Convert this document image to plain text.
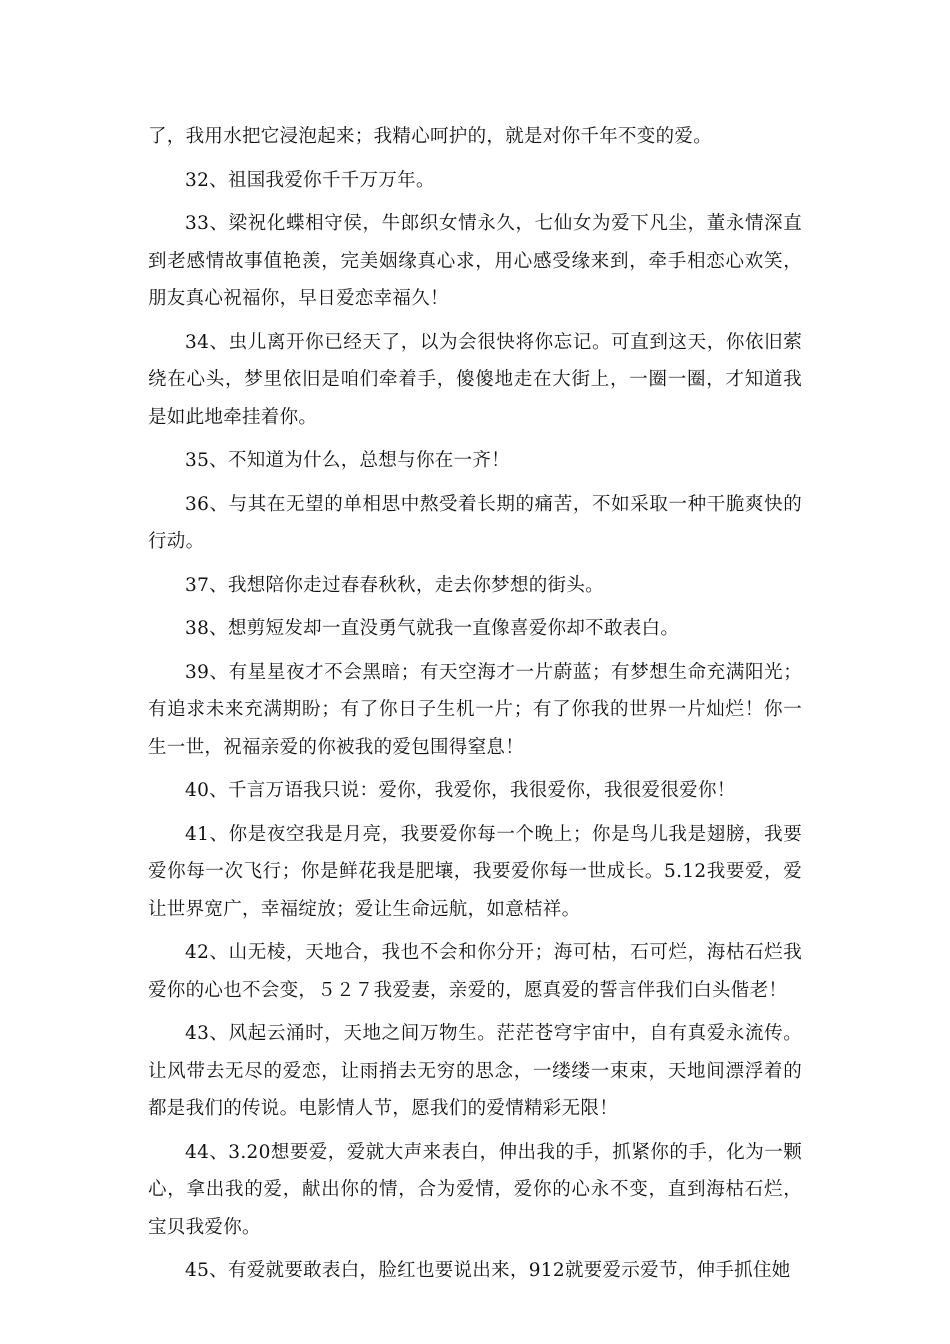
了，我用水把它浸泡起来；我精心呵护的，就是对你千年不变的爱。

32、祖国我爱你千千万万年。

33、梁祝化蝶相守侯，牛郎织女情永久，七仙女为爱下凡尘，董永情深直到老感情故事值艳羡，完美姻缘真心求，用心感受缘来到，牵手相恋心欢笑，朋友真心祝福你，早日爱恋幸福久！

34、虫儿离开你已经天了，以为会很快将你忘记。可直到这天，你依旧萦绕在心头，梦里依旧是咱们牵着手，傻傻地走在大街上，一圈一圈，才知道我是如此地牵挂着你。

35、不知道为什么，总想与你在一齐！

36、与其在无望的单相思中熬受着长期的痛苦，不如采取一种干脆爽快的行动。

37、我想陪你走过春春秋秋，走去你梦想的街头。

38、想剪短发却一直没勇气就我一直像喜爱你却不敢表白。

39、有星星夜才不会黑暗；有天空海才一片蔚蓝；有梦想生命充满阳光；有追求未来充满期盼；有了你日子生机一片；有了你我的世界一片灿烂！你一生一世，祝福亲爱的你被我的爱包围得窒息！

40、千言万语我只说：爱你，我爱你，我很爱你，我很爱很爱你！

41、你是夜空我是月亮，我要爱你每一个晚上；你是鸟儿我是翅膀，我要爱你每一次飞行；你是鲜花我是肥壤，我要爱你每一世成长。5.12我要爱，爱让世界宽广，幸福绽放；爱让生命远航，如意桔祥。

42、山无棱，天地合，我也不会和你分开；海可枯，石可烂，海枯石烂我爱你的心也不会变，５２７我爱妻，亲爱的，愿真爱的誓言伴我们白头偕老！

43、风起云涌时，天地之间万物生。茫茫苍穹宇宙中，自有真爱永流传。让风带去无尽的爱恋，让雨捎去无穷的思念，一缕缕一束束，天地间漂浮着的都是我们的传说。电影情人节，愿我们的爱情精彩无限！

44、3.20想要爱，爱就大声来表白，伸出我的手，抓紧你的手，化为一颗心，拿出我的爱，献出你的情，合为爱情，爱你的心永不变，直到海枯石烂，宝贝我爱你。

45、有爱就要敢表白，脸红也要说出来，912就要爱示爱节，伸手抓住她
